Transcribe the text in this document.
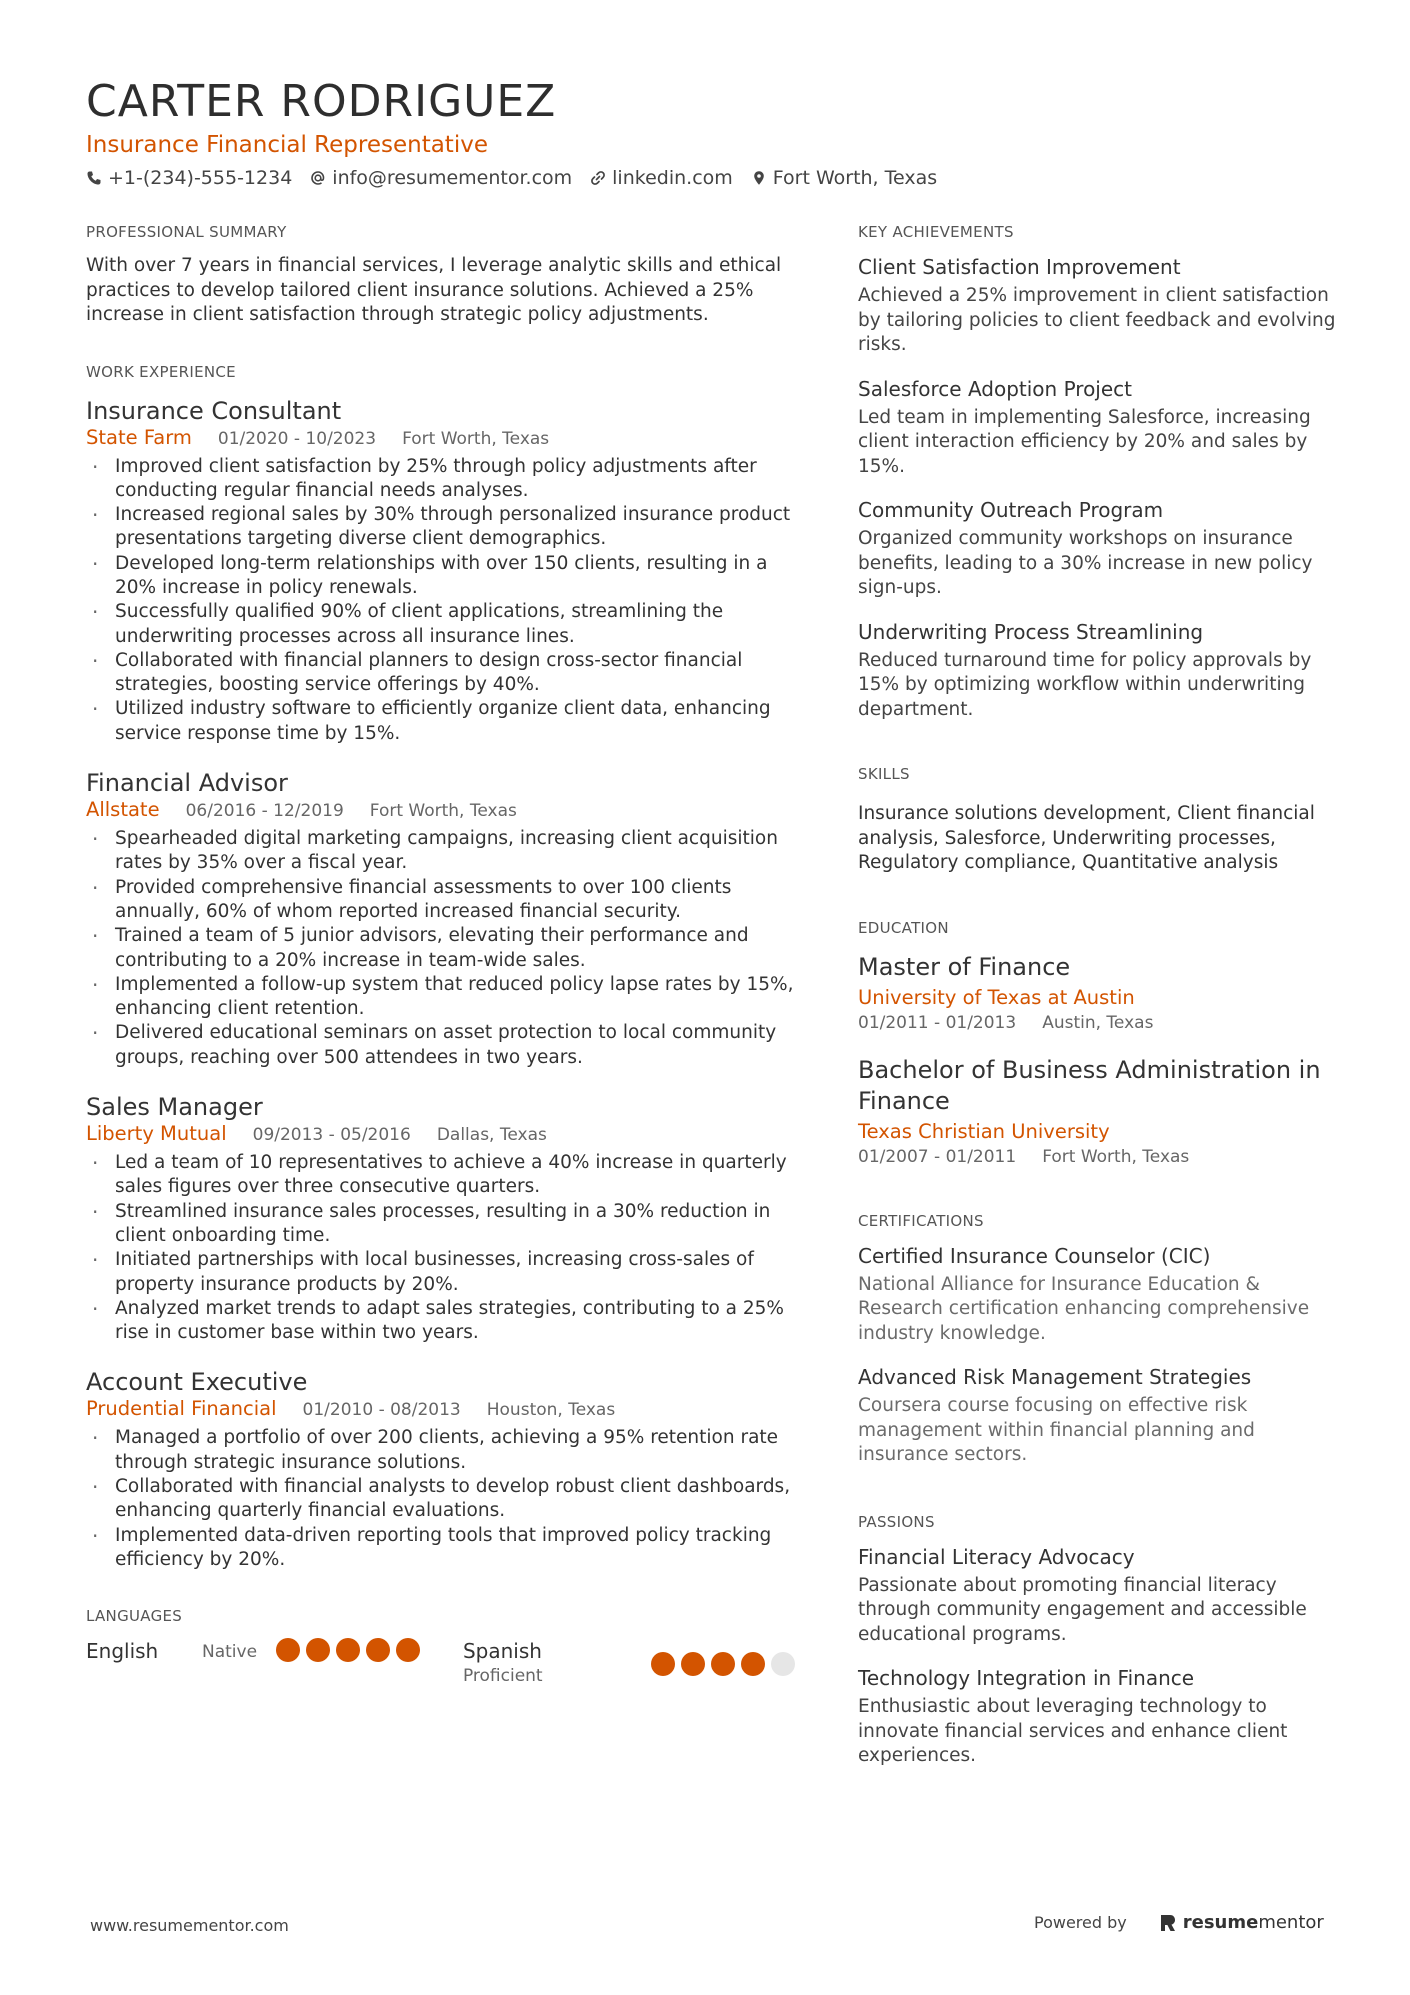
CARTER RODRIGUEZ
Insurance Financial Representative
+1-(234)-555-1234 info@resumementor.com linkedin.com Fort Worth, Texas
PROFESSIONAL SUMMARY
With over 7 years in financial services, I leverage analytic skills and ethical practices to develop tailored client insurance solutions. Achieved a 25% increase in client satisfaction through strategic policy adjustments.
WORK EXPERIENCE
Insurance Consultant
State Farm 01/2020 - 10/2023 Fort Worth, Texas
· Improved client satisfaction by 25% through policy adjustments after conducting regular financial needs analyses.
· Increased regional sales by 30% through personalized insurance product presentations targeting diverse client demographics.
· Developed long-term relationships with over 150 clients, resulting in a 20% increase in policy renewals.
· Successfully qualified 90% of client applications, streamlining the underwriting processes across all insurance lines.
· Collaborated with financial planners to design cross-sector financial strategies, boosting service offerings by 40%.
· Utilized industry software to efficiently organize client data, enhancing service response time by 15%.
Financial Advisor
Allstate 06/2016 - 12/2019 Fort Worth, Texas
· Spearheaded digital marketing campaigns, increasing client acquisition rates by 35% over a fiscal year.
· Provided comprehensive financial assessments to over 100 clients annually, 60% of whom reported increased financial security.
· Trained a team of 5 junior advisors, elevating their performance and contributing to a 20% increase in team-wide sales.
· Implemented a follow-up system that reduced policy lapse rates by 15%, enhancing client retention.
· Delivered educational seminars on asset protection to local community groups, reaching over 500 attendees in two years.
Sales Manager
Liberty Mutual 09/2013 - 05/2016 Dallas, Texas
· Led a team of 10 representatives to achieve a 40% increase in quarterly sales figures over three consecutive quarters.
· Streamlined insurance sales processes, resulting in a 30% reduction in client onboarding time.
· Initiated partnerships with local businesses, increasing cross-sales of property insurance products by 20%.
· Analyzed market trends to adapt sales strategies, contributing to a 25% rise in customer base within two years.
Account Executive
Prudential Financial 01/2010 - 08/2013 Houston, Texas
· Managed a portfolio of over 200 clients, achieving a 95% retention rate through strategic insurance solutions.
· Collaborated with financial analysts to develop robust client dashboards, enhancing quarterly financial evaluations.
· Implemented data-driven reporting tools that improved policy tracking efficiency by 20%.
LANGUAGES
English	Native	Spanish
Proficient
KEY ACHIEVEMENTS
Client Satisfaction Improvement
Achieved a 25% improvement in client satisfaction by tailoring policies to client feedback and evolving risks.
Salesforce Adoption Project
Led team in implementing Salesforce, increasing client interaction efficiency by 20% and sales by 15%.
Community Outreach Program
Organized community workshops on insurance benefits, leading to a 30% increase in new policy sign-ups.
Underwriting Process Streamlining
Reduced turnaround time for policy approvals by 15% by optimizing workflow within underwriting department.
SKILLS
Insurance solutions development, Client financial analysis, Salesforce, Underwriting processes, Regulatory compliance, Quantitative analysis
EDUCATION
Master of Finance
University of Texas at Austin
01/2011 - 01/2013 Austin, Texas
Bachelor of Business Administration in Finance
Texas Christian University
01/2007 - 01/2011 Fort Worth, Texas
CERTIFICATIONS
Certified Insurance Counselor (CIC)
National Alliance for Insurance Education & Research certification enhancing comprehensive industry knowledge.
Advanced Risk Management Strategies
Coursera course focusing on effective risk management within financial planning and insurance sectors.
PASSIONS
Financial Literacy Advocacy
Passionate about promoting financial literacy through community engagement and accessible educational programs.
Technology Integration in Finance
Enthusiastic about leveraging technology to innovate financial services and enhance client experiences.
www.resumementor.com	Powered by	resumementor
